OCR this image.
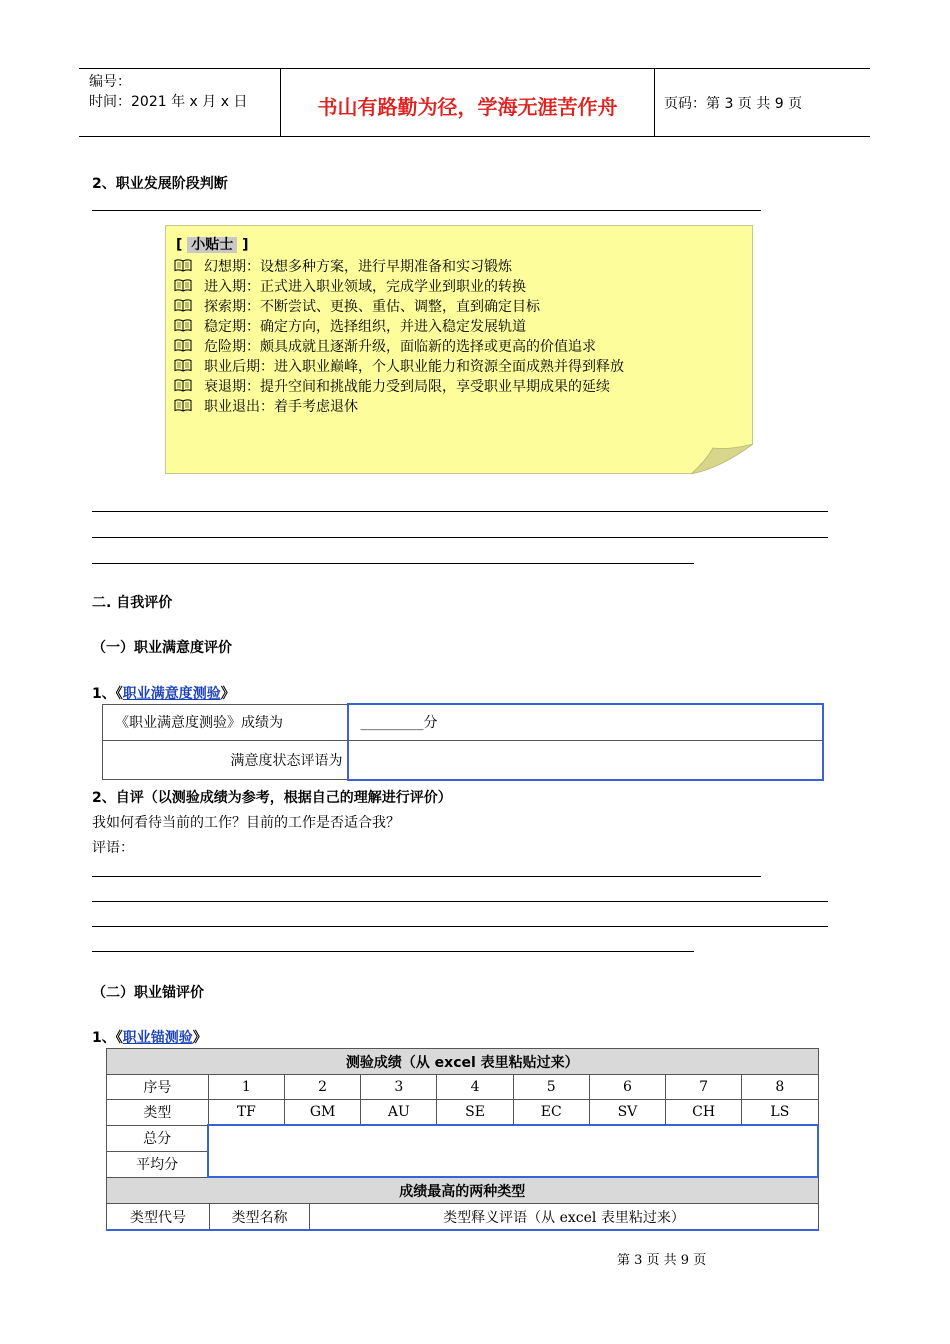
编号：
时间：2021 年 x 月 x 日	书山有路勤为径，学海无涯苦作舟	页码：第 3 页 共 9 页
2、职业发展阶段判断
[ 小贴士 ]
幻想期：设想多种方案，进行早期准备和实习锻炼
进入期：正式进入职业领域，完成学业到职业的转换
探索期：不断尝试、更换、重估、调整，直到确定目标
稳定期：确定方向，选择组织，并进入稳定发展轨道
危险期：颇具成就且逐渐升级，面临新的选择或更高的价值追求
职业后期：进入职业巅峰，个人职业能力和资源全面成熟并得到释放
衰退期：提升空间和挑战能力受到局限，享受职业早期成果的延续
职业退出：着手考虑退休
二. 自我评价
（一）职业满意度评价
1、《职业满意度测验》
《职业满意度测验》成绩为	_________分
满意度状态评语为	
2、自评（以测验成绩为参考，根据自己的理解进行评价）
我如何看待当前的工作？目前的工作是否适合我？
评语：
（二）职业锚评价
1、《职业锚测验》
测验成绩（从 excel 表里粘贴过来）								
序号	1	2	3	4	5	6	7	8
类型	TF	GM	AU	SE	EC	SV	CH	LS
总分								
平均分								
成绩最高的两种类型								
类型代号	类型名称	类型释义评语（从 excel 表里粘过来）
第 3 页 共 9 页
